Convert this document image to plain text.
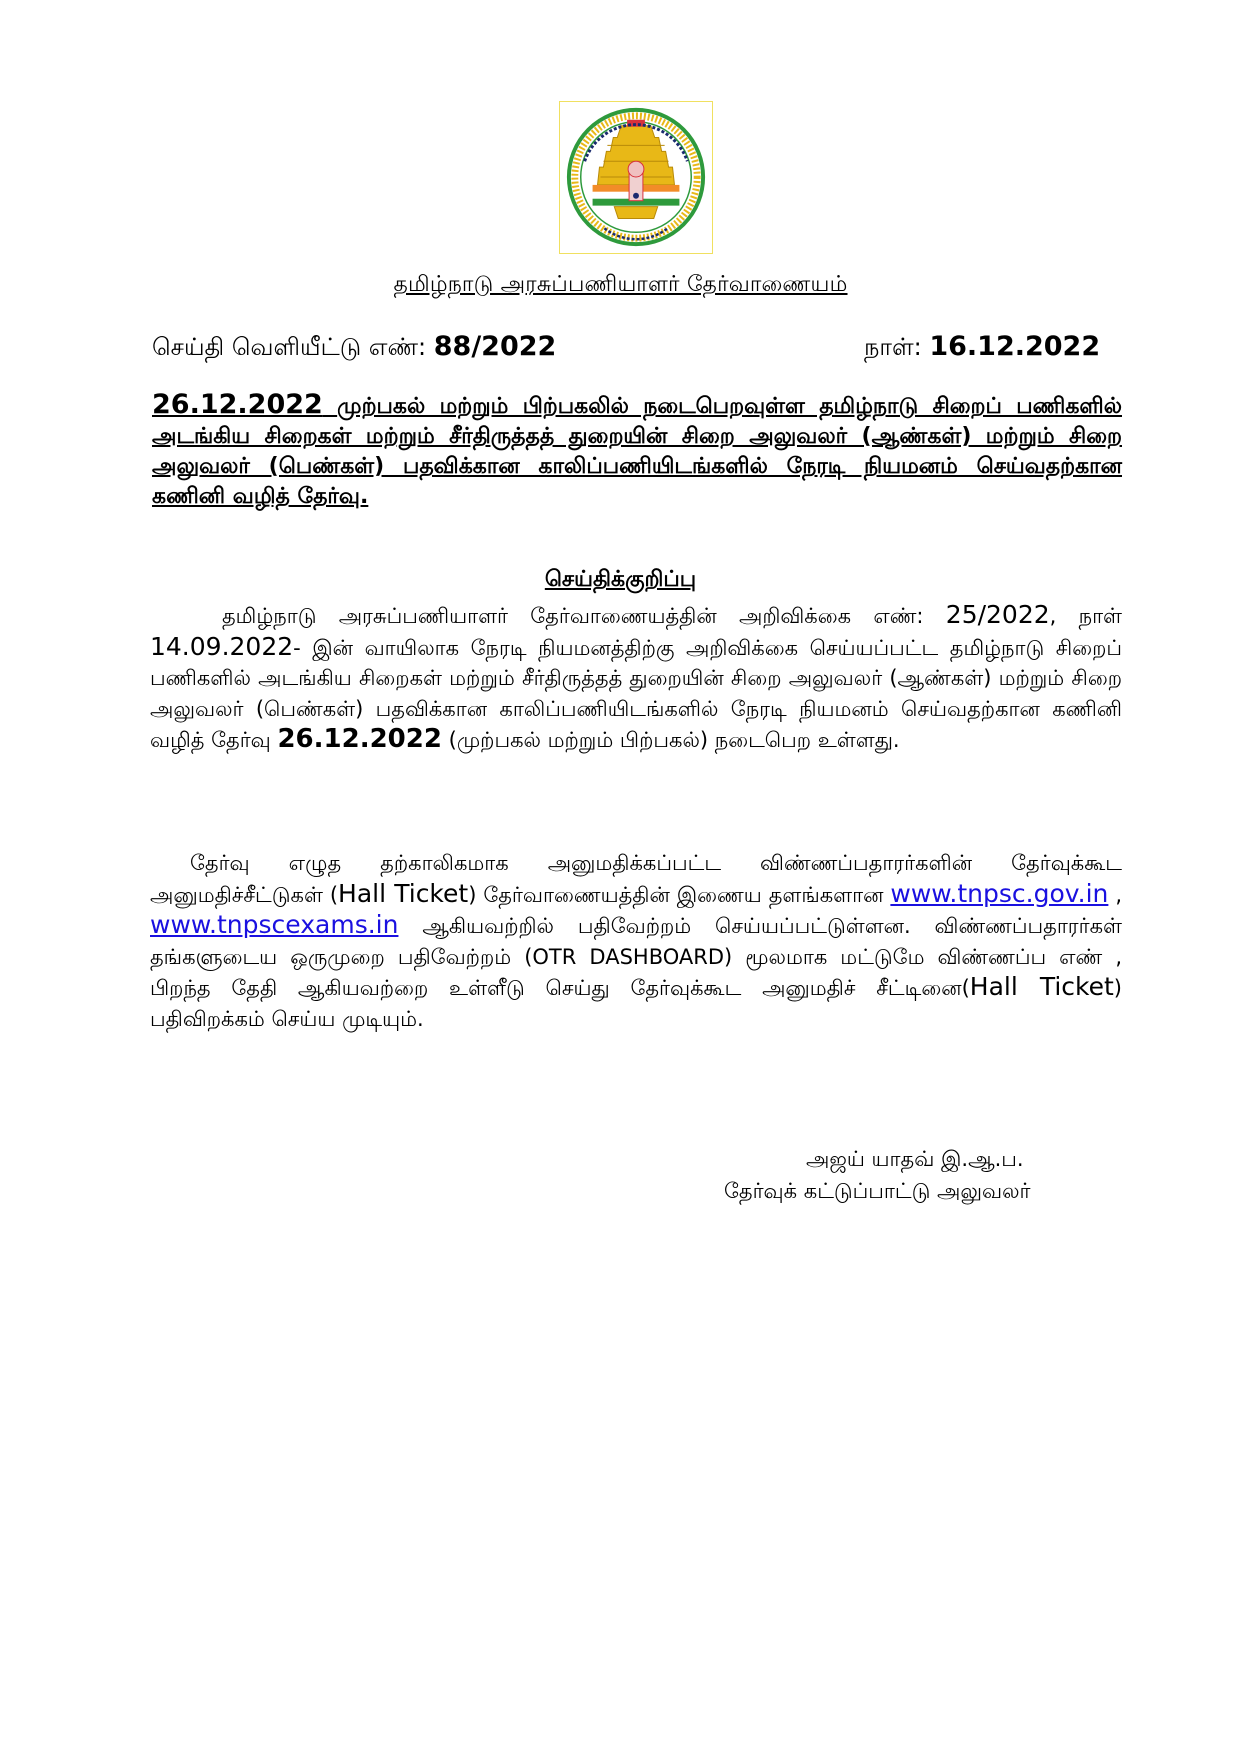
தமிழ்நாடு அரசுப்பணியாளர் தேர்வாணையம்
செய்தி வெளியீட்டு எண்: 88/2022	நாள்: 16.12.2022
26.12.2022 முற்பகல் மற்றும் பிற்பகலில் நடைபெறவுள்ள தமிழ்நாடு சிறைப் பணிகளில் அடங்கிய சிறைகள் மற்றும் சீர்திருத்தத் துறையின் சிறை அலுவலர் (ஆண்கள்) மற்றும் சிறை அலுவலர் (பெண்கள்) பதவிக்கான காலிப்பணியிடங்களில் நேரடி நியமனம் செய்வதற்கான கணினி வழித் தேர்வு.
செய்திக்குறிப்பு
தமிழ்நாடு அரசுப்பணியாளர் தேர்வாணையத்தின் அறிவிக்கை எண்: 25/2022, நாள் 14.09.2022- இன் வாயிலாக நேரடி நியமனத்திற்கு அறிவிக்கை செய்யப்பட்ட தமிழ்நாடு சிறைப் பணிகளில் அடங்கிய சிறைகள் மற்றும் சீர்திருத்தத் துறையின் சிறை அலுவலர் (ஆண்கள்) மற்றும் சிறை அலுவலர் (பெண்கள்) பதவிக்கான காலிப்பணியிடங்களில் நேரடி நியமனம் செய்வதற்கான கணினி வழித் தேர்வு 26.12.2022 (முற்பகல் மற்றும் பிற்பகல்) நடைபெற உள்ளது.
தேர்வு எழுத தற்காலிகமாக அனுமதிக்கப்பட்ட விண்ணப்பதாரர்களின் தேர்வுக்கூட அனுமதிச்சீட்டுகள் (Hall Ticket) தேர்வாணையத்தின் இணைய தளங்களான www.tnpsc.gov.in , www.tnpscexams.in ஆகியவற்றில் பதிவேற்றம் செய்யப்பட்டுள்ளன. விண்ணப்பதாரர்கள் தங்களுடைய ஒருமுறை பதிவேற்றம் (OTR DASHBOARD) மூலமாக மட்டுமே விண்ணப்ப எண் , பிறந்த தேதி ஆகியவற்றை உள்ளீடு செய்து தேர்வுக்கூட அனுமதிச் சீட்டினை(Hall Ticket) பதிவிறக்கம் செய்ய முடியும்.
அஜய் யாதவ் இ.ஆ.ப.
தேர்வுக் கட்டுப்பாட்டு அலுவலர்
